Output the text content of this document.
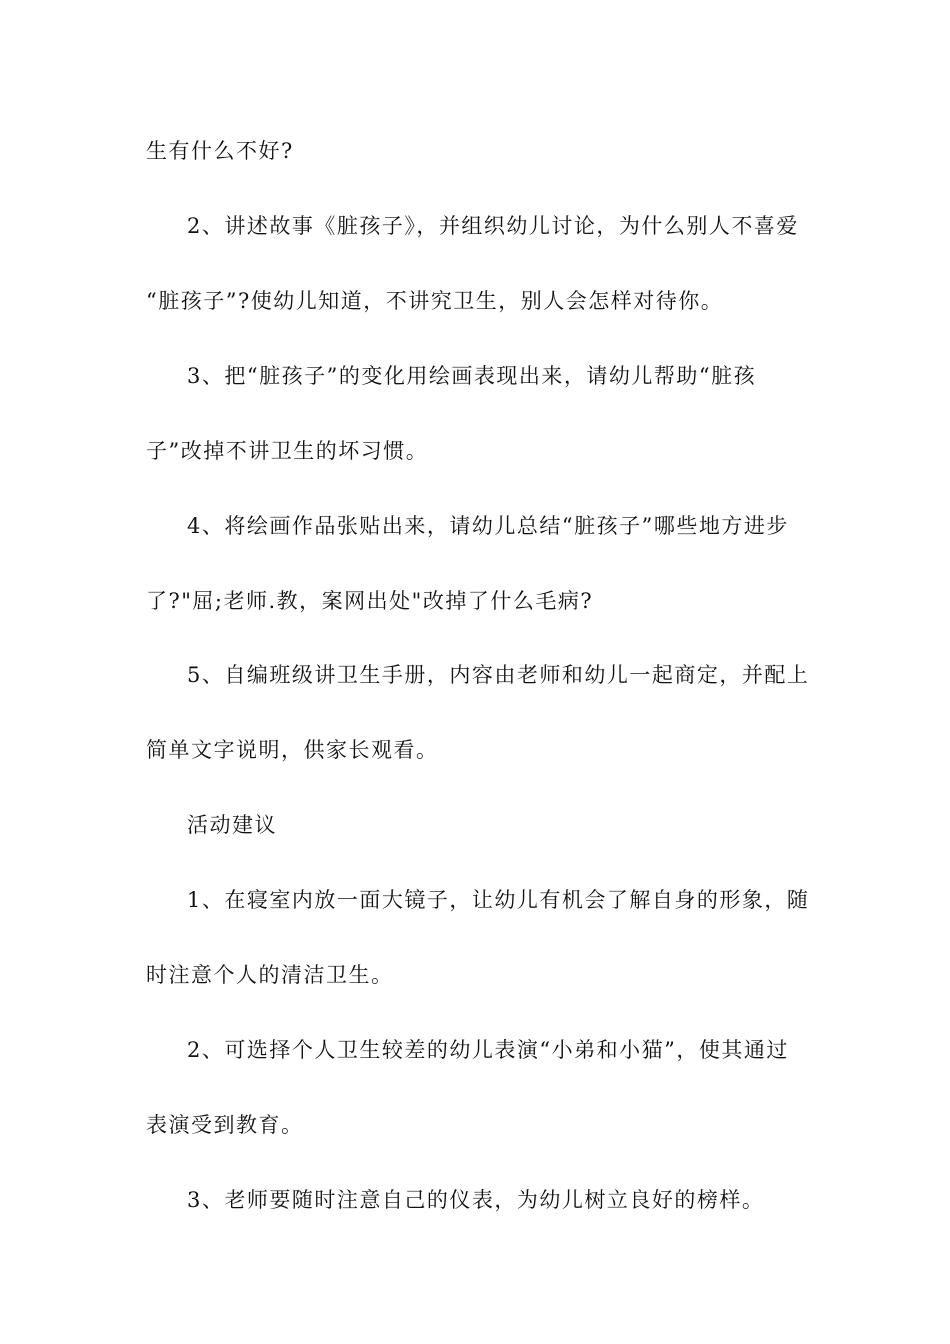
生有什么不好?
2、讲述故事《脏孩子》，并组织幼儿讨论，为什么别人不喜爱
“脏孩子”?使幼儿知道，不讲究卫生，别人会怎样对待你。
3、把“脏孩子”的变化用绘画表现出来，请幼儿帮助“脏孩
子”改掉不讲卫生的坏习惯。
4、将绘画作品张贴出来，请幼儿总结“脏孩子”哪些地方进步
了?"屈;老师.教，案网出处"改掉了什么毛病?
5、自编班级讲卫生手册，内容由老师和幼儿一起商定，并配上
简单文字说明，供家长观看。
活动建议
1、在寝室内放一面大镜子，让幼儿有机会了解自身的形象，随
时注意个人的清洁卫生。
2、可选择个人卫生较差的幼儿表演“小弟和小猫”，使其通过
表演受到教育。
3、老师要随时注意自己的仪表，为幼儿树立良好的榜样。
